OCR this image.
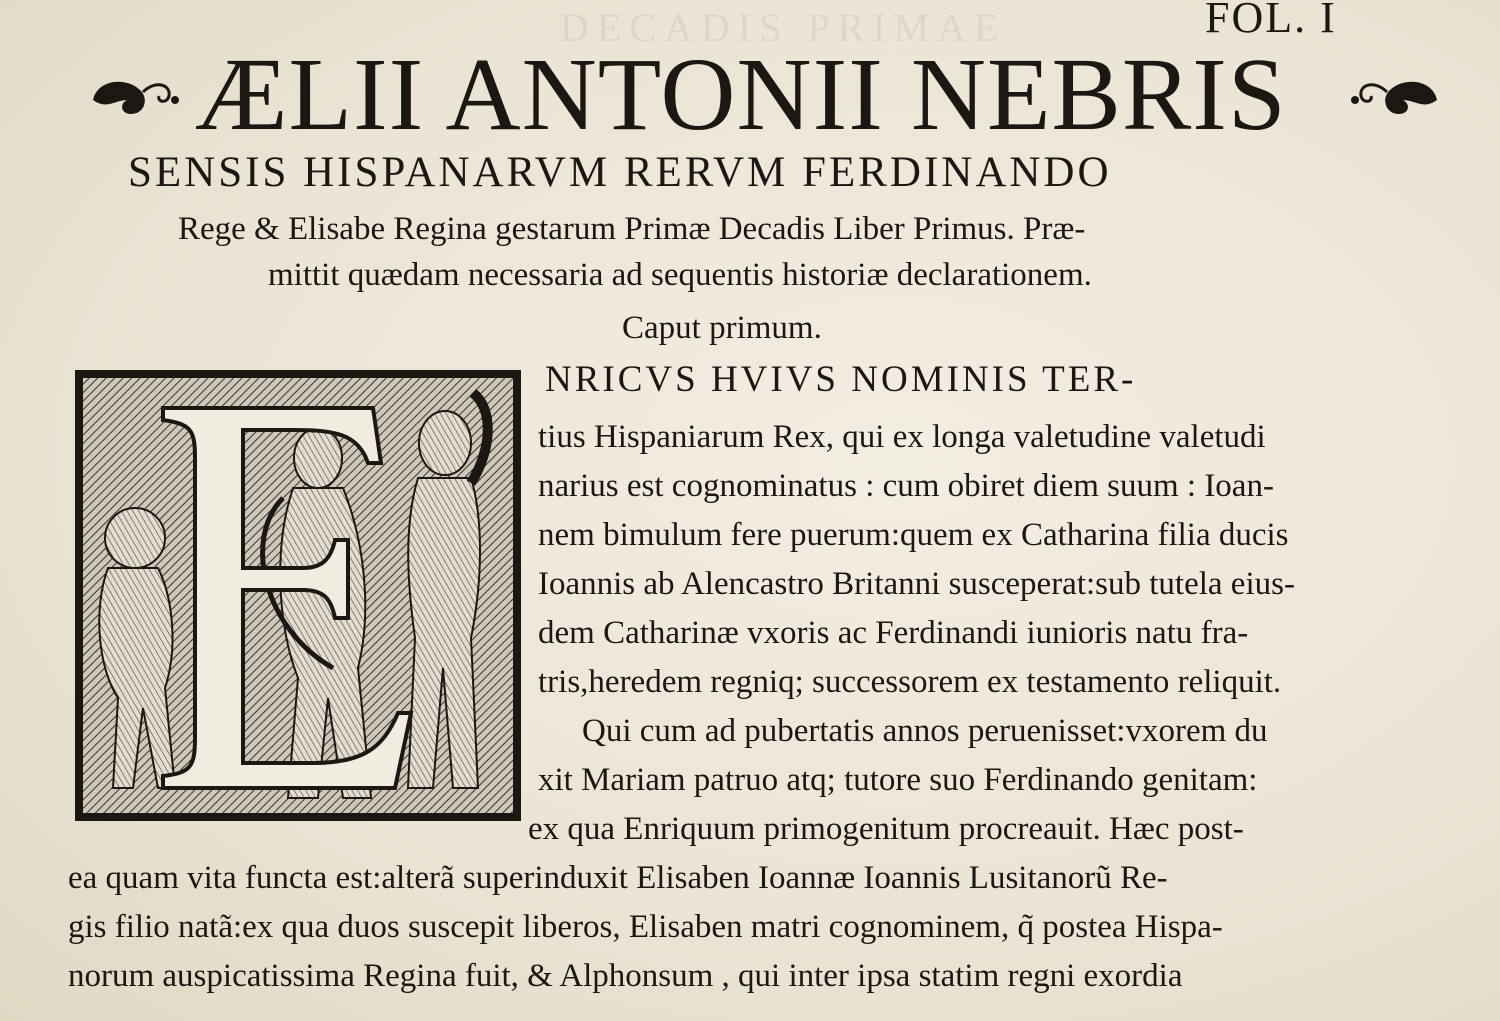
DECADIS PRIMAE	FOL. I
ÆLII ANTONII NEBRIS
SENSIS HISPANARVM RERVM FERDINANDO
Rege & Elisabe Regina gestarum Primæ Decadis Liber Primus. Præ-
mittit quædam necessaria ad sequentis historiæ declarationem.
Caput primum.
NRICVS HVIVS NOMINIS TER-
tius Hispaniarum Rex, qui ex longa valetudine valetudi
narius est cognominatus : cum obiret diem suum : Ioan-
nem bimulum fere puerum:quem ex Catharina filia ducis
Ioannis ab Alencastro Britanni susceperat:sub tutela eius-
dem Catharinæ vxoris ac Ferdinandi iunioris natu fra-
tris,heredem regniq; successorem ex testamento reliquit.
Qui cum ad pubertatis annos peruenisset:vxorem du
xit Mariam patruo atq; tutore suo Ferdinando genitam:
ex qua Enriquum primogenitum procreauit. Hæc post-
ea quam vita functa est:alterã superinduxit Elisaben Ioannæ Ioannis Lusitanorũ Re-
gis filio natã:ex qua duos suscepit liberos, Elisaben matri cognominem, q̃ postea Hispa-
norum auspicatissima Regina fuit, & Alphonsum , qui inter ipsa statim regni exordia
